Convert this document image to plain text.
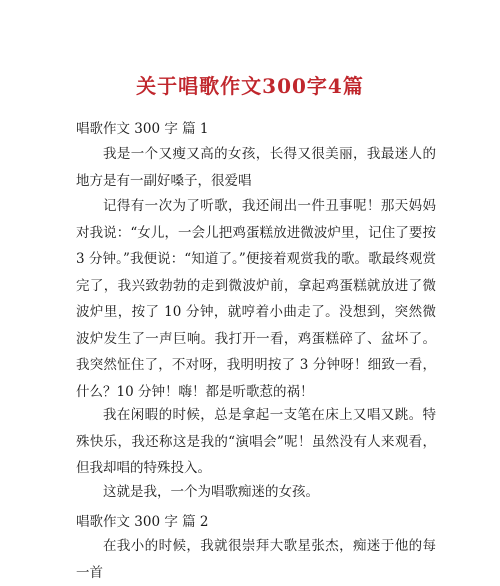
关于唱歌作文300字4篇

唱歌作文 300 字 篇 1

我是一个又瘦又高的女孩，长得又很美丽，我最迷人的地方是有一副好嗓子，很爱唱

记得有一次为了听歌，我还闹出一件丑事呢！那天妈妈对我说：“女儿，一会儿把鸡蛋糕放进微波炉里，记住了要按 3 分钟。”我便说：“知道了。”便接着观赏我的歌。歌最终观赏完了，我兴致勃勃的走到微波炉前，拿起鸡蛋糕就放进了微波炉里，按了 10 分钟，就哼着小曲走了。没想到，突然微波炉发生了一声巨响。我打开一看，鸡蛋糕碎了、盆坏了。我突然怔住了，不对呀，我明明按了 3 分钟呀！细致一看，什么？10 分钟！嗨！都是听歌惹的祸！

我在闲暇的时候，总是拿起一支笔在床上又唱又跳。特殊快乐，我还称这是我的“演唱会”呢！虽然没有人来观看，但我却唱的特殊投入。

这就是我，一个为唱歌痴迷的女孩。

唱歌作文 300 字 篇 2

在我小的时候，我就很崇拜大歌星张杰，痴迷于他的每一首
